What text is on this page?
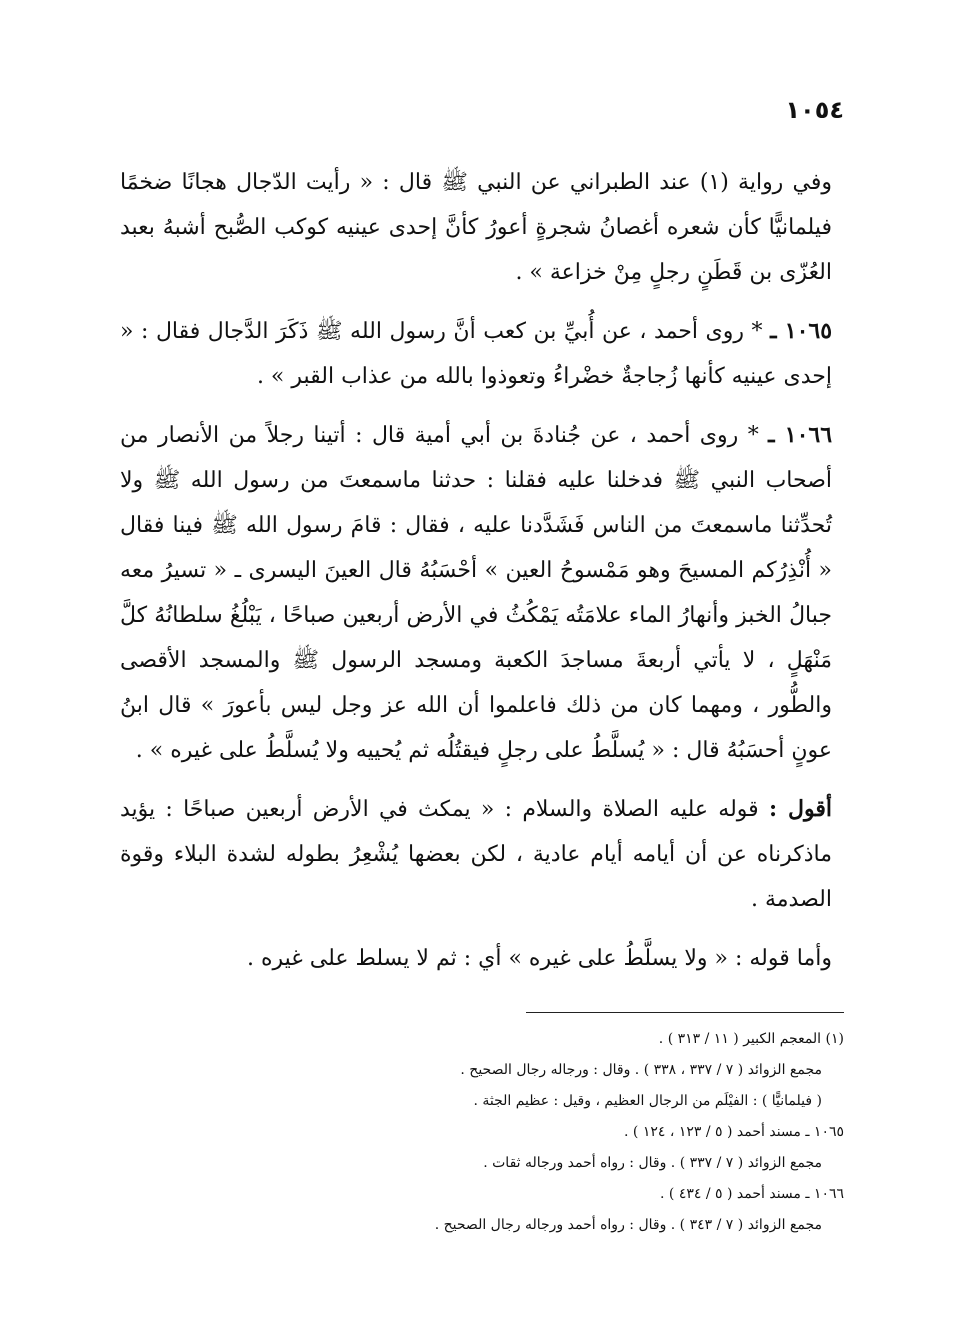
١٠٥٤

وفي رواية (١) عند الطبراني عن النبي ﷺ قال : « رأيت الدّجال هجانًا ضخمًا فيلمانيًّا كأن شعره أغصانُ شجرةٍ أعورُ كأنَّ إحدى عينيه كوكب الصُّبح أشبهُ بعبد العُزّى بن قَطَنٍ رجلٍ مِنْ خزاعة » .

١٠٦٥ ـ * روى أحمد ، عن أُبيِّ بن كعب أنَّ رسول الله ﷺ ذَكَرَ الدَّجال فقال : « إحدى عينيه كأنها زُجاجةٌ خضْراءُ وتعوذوا بالله من عذاب القبر » .

١٠٦٦ ـ * روى أحمد ، عن جُنادةَ بن أبي أمية قال : أتينا رجلاً من الأنصار من أصحاب النبي ﷺ فدخلنا عليه فقلنا : حدثنا ماسمعتَ من رسول الله ﷺ ولا تُحدِّثنا ماسمعتَ من الناس فَشَدَّدنا عليه ، فقال : قامَ رسول الله ﷺ فينا فقال « أُنْذِرُكم المسيحَ وهو مَمْسوحُ العين » أحْسَبُهُ قال العينَ اليسرى ـ « تسيرُ معه جبالُ الخبز وأنهارُ الماء علامَتُه يَمْكُثُ في الأرض أربعين صباحًا ، يَبْلُغُ سلطانُهُ كلَّ مَنْهَلٍ ، لا يأتي أربعةَ مساجدَ الكعبة ومسجد الرسول ﷺ والمسجد الأقصى والطُّور ، ومهما كان من ذلك فاعلموا أن الله عز وجل ليس بأعورَ » قال ابنُ عونٍ أحسَبُهُ قال : « يُسلَّطُ على رجلٍ فيقتُلُه ثم يُحييه ولا يُسلَّطُ على غيره » .

أقول : قوله عليه الصلاة والسلام : « يمكث في الأرض أربعين صباحًا : يؤيد ماذكرناه عن أن أيامه أيام عادية ، لكن بعضها يُشْعِرُ بطوله لشدة البلاء وقوة الصدمة .

وأما قوله : « ولا يسلَّطُ على غيره » أي : ثم لا يسلط على غيره .

(١) المعجم الكبير ( ١١ / ٣١٣ ) .

مجمع الزوائد ( ٧ / ٣٣٧ ، ٣٣٨ ) . وقال : ورجاله رجال الصحيح .

( فيلمانيًّا ) : الفيْلَم من الرجال العظيم ، وقيل : عظيم الجثة .

١٠٦٥ ـ مسند أحمد ( ٥ / ١٢٣ ، ١٢٤ ) .

مجمع الزوائد ( ٧ / ٣٣٧ ) . وقال : رواه أحمد ورجاله ثقات .

١٠٦٦ ـ مسند أحمد ( ٥ / ٤٣٤ ) .

مجمع الزوائد ( ٧ / ٣٤٣ ) . وقال : رواه أحمد ورجاله رجال الصحيح .
